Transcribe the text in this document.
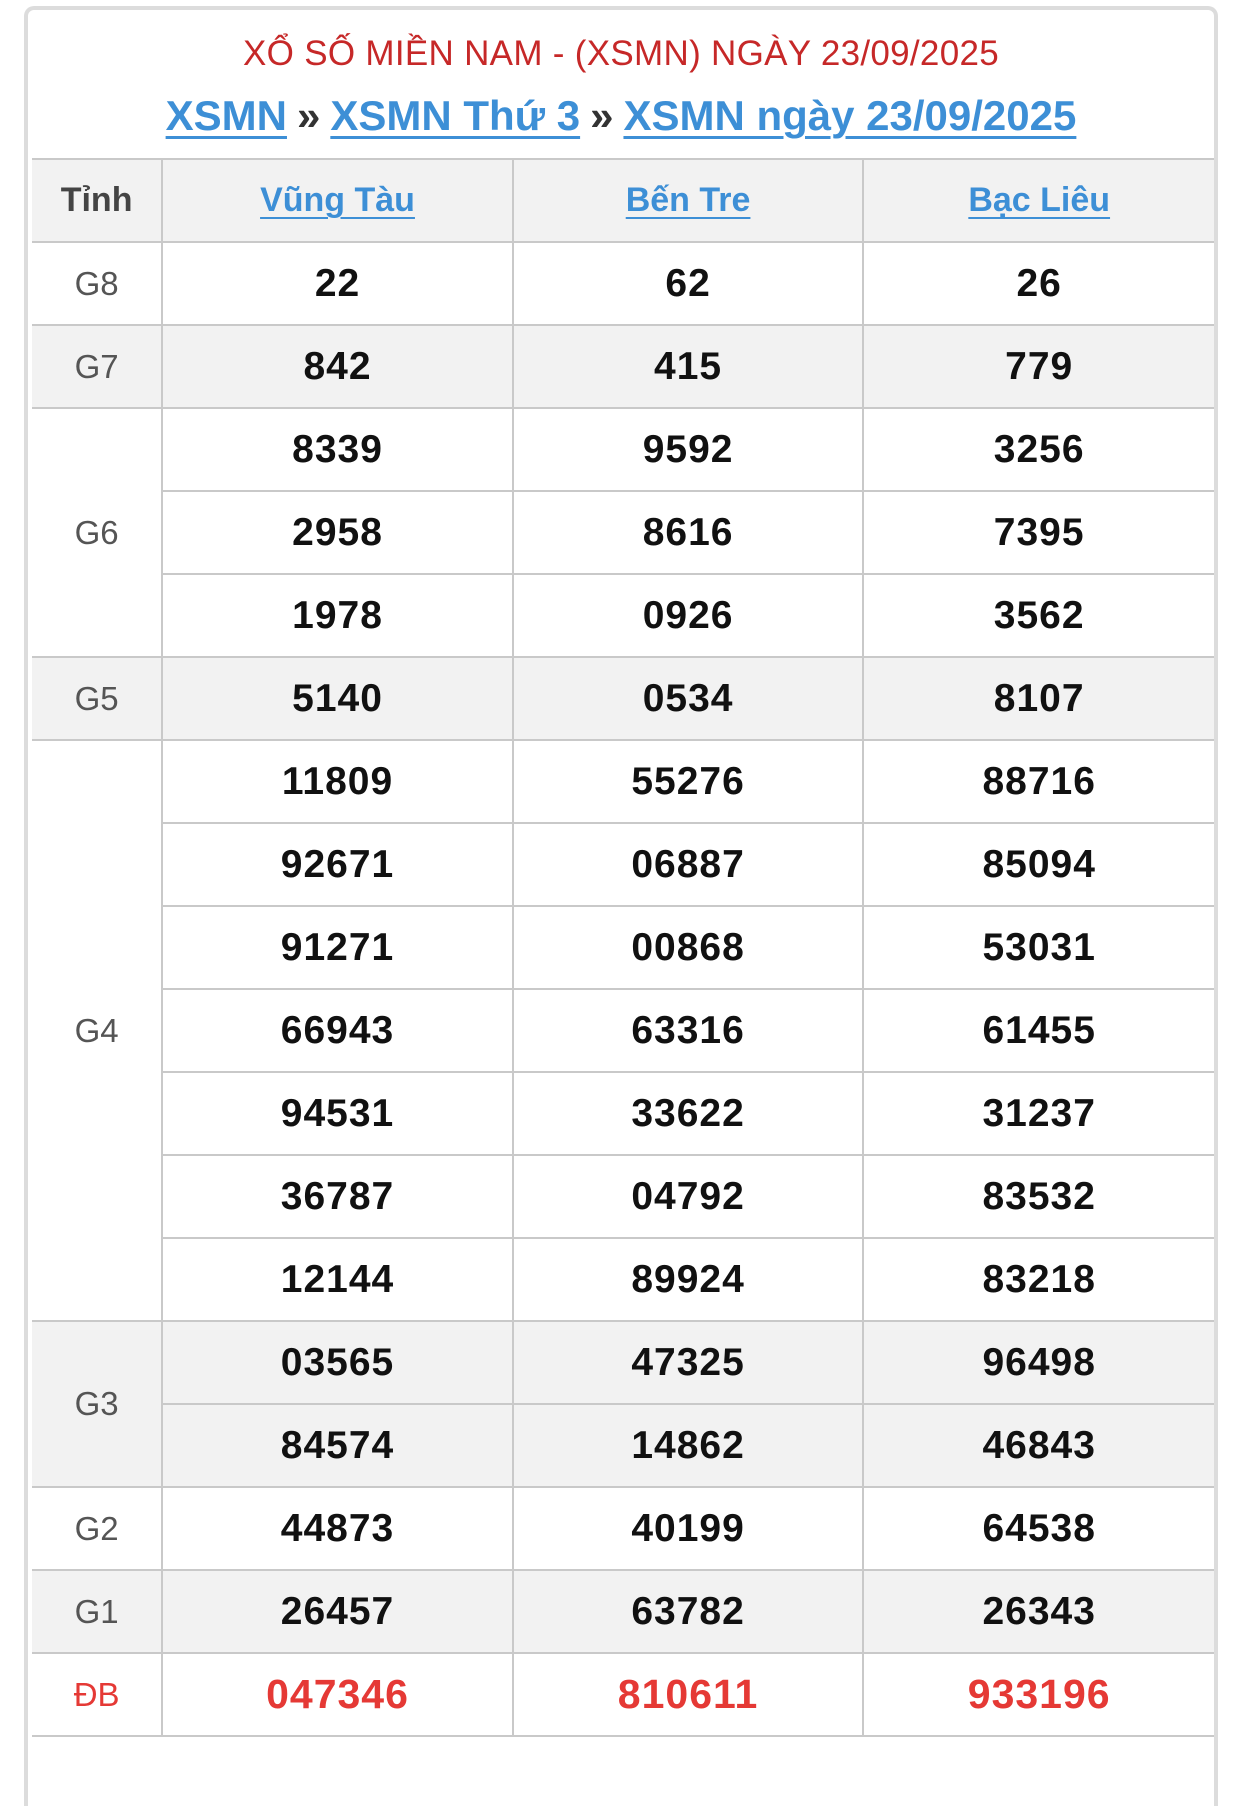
XỔ SỐ MIỀN NAM - (XSMN) NGÀY 23/09/2025
XSMN » XSMN Thứ 3 » XSMN ngày 23/09/2025
Tỉnh	Vũng Tàu	Bến Tre	Bạc Liêu
G8	22	62	26
G7	842	415	779
G6	8339	9592	3256
	2958	8616	7395
	1978	0926	3562
G5	5140	0534	8107
G4	11809	55276	88716
	92671	06887	85094
	91271	00868	53031
	66943	63316	61455
	94531	33622	31237
	36787	04792	83532
	12144	89924	83218
G3	03565	47325	96498
	84574	14862	46843
G2	44873	40199	64538
G1	26457	63782	26343
ĐB	047346	810611	933196
